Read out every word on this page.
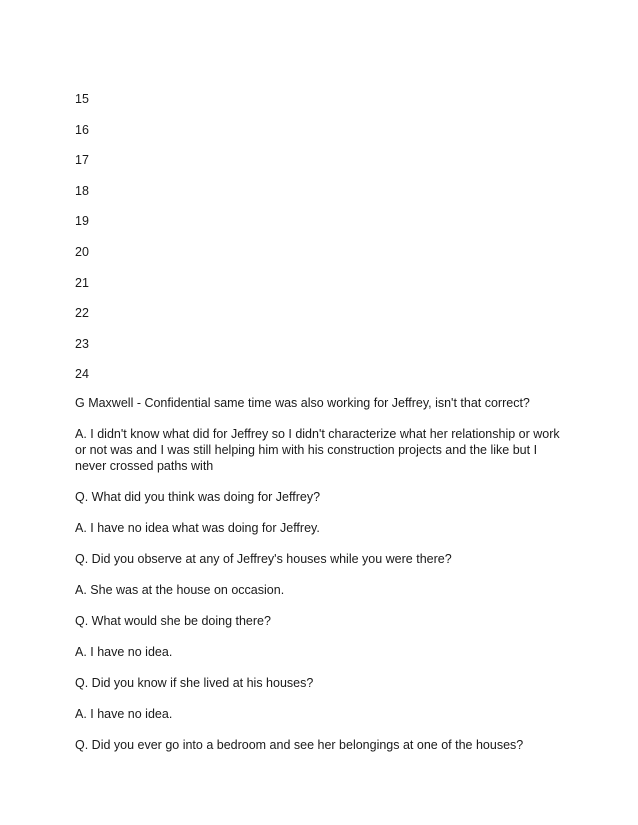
15
16
17
18
19
20
21
22
23
24

G Maxwell - Confidential same time was also working for Jeffrey, isn't that correct?

A. I didn't know what did for Jeffrey so I didn't characterize what her relationship or work or not was and I was still helping him with his construction projects and the like but I never crossed paths with

Q. What did you think was doing for Jeffrey?

A. I have no idea what was doing for Jeffrey.

Q. Did you observe at any of Jeffrey's houses while you were there?

A. She was at the house on occasion.

Q. What would she be doing there?

A. I have no idea.

Q. Did you know if she lived at his houses?

A. I have no idea.

Q. Did you ever go into a bedroom and see her belongings at one of the houses?
